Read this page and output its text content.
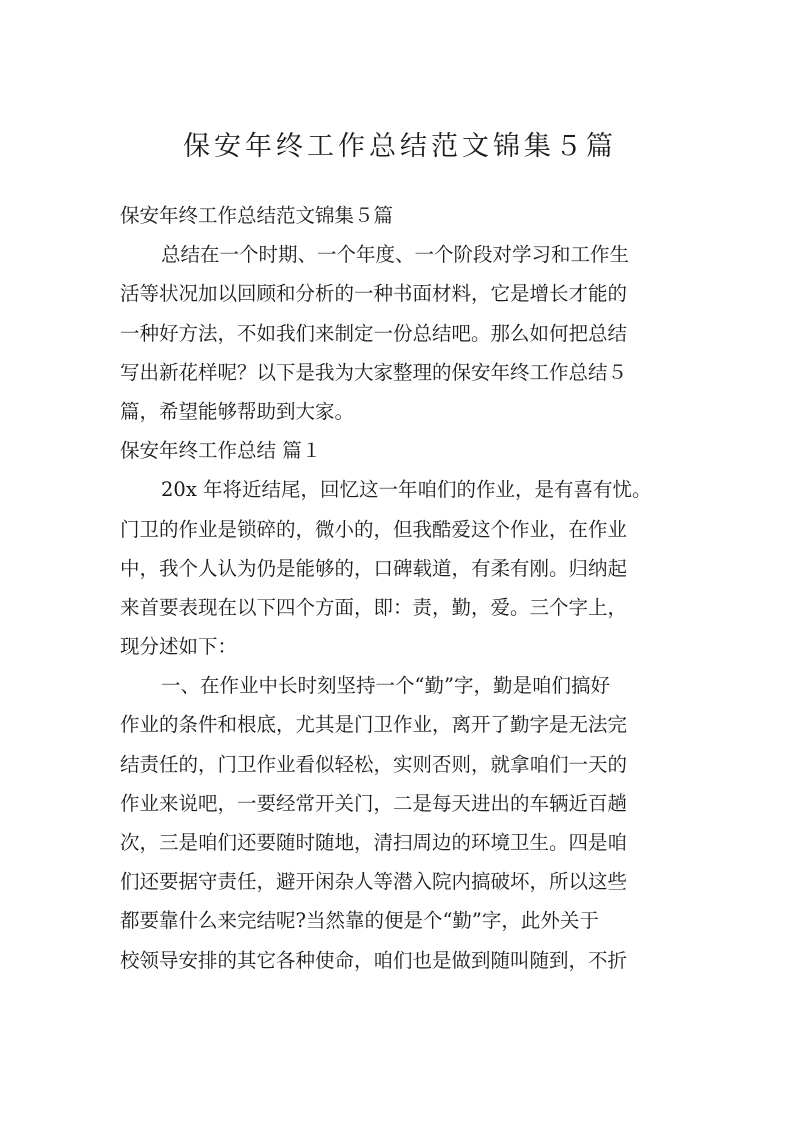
保安年终工作总结范文锦集５篇
保安年终工作总结范文锦集５篇
总结在一个时期、一个年度、一个阶段对学习和工作生
活等状况加以回顾和分析的一种书面材料，它是增长才能的
一种好方法，不如我们来制定一份总结吧。那么如何把总结
写出新花样呢？以下是我为大家整理的保安年终工作总结５
篇，希望能够帮助到大家。
保安年终工作总结 篇１
20x 年将近结尾，回忆这一年咱们的作业，是有喜有忧。
门卫的作业是锁碎的，微小的，但我酷爱这个作业，在作业
中，我个人认为仍是能够的，口碑载道，有柔有刚。归纳起
来首要表现在以下四个方面，即：责，勤，爱。三个字上，
现分述如下：
一、在作业中长时刻坚持一个“勤”字，勤是咱们搞好
作业的条件和根底，尤其是门卫作业，离开了勤字是无法完
结责任的，门卫作业看似轻松，实则否则，就拿咱们一天的
作业来说吧，一要经常开关门，二是每天进出的车辆近百趟
次，三是咱们还要随时随地，清扫周边的环境卫生。四是咱
们还要据守责任，避开闲杂人等潜入院内搞破坏，所以这些
都要靠什么来完结呢?当然靠的便是个“勤”字，此外关于
校领导安排的其它各种使命，咱们也是做到随叫随到，不折
